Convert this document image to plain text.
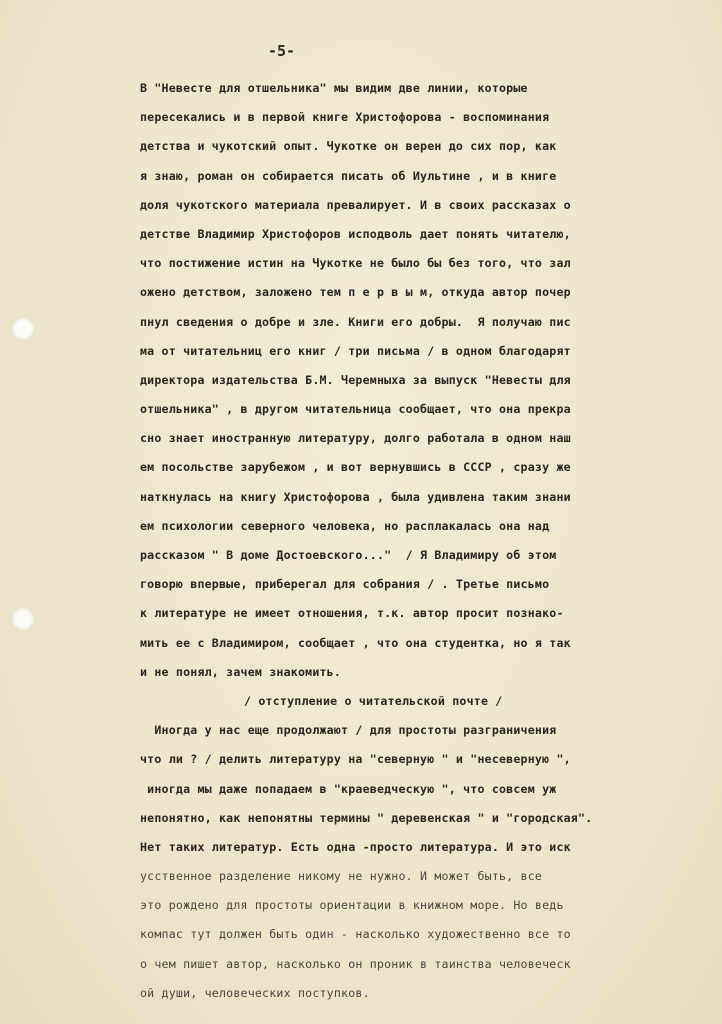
-5-
В "Невесте для отшельника" мы видим две линии, которые
пересекались и в первой книге Христофорова - воспоминания
детства и чукотский опыт. Чукотке он верен до сих пор, как
я знаю, роман он собирается писать об Иультине , и в книге
доля чукотского материала превалирует. И в своих рассказах о
детстве Владимир Христофоров исподволь дает понять читателю,
что постижение истин на Чукотке не было бы без того, что зал
ожено детством, заложено тем п е р в ы м, откуда автор почер
пнул сведения о добре и зле. Книги его добры.  Я получаю пис
ма от читательниц его книг / три письма / в одном благодарят
директора издательства Б.М. Черемныха за выпуск "Невесты для
отшельника" , в другом читательница сообщает, что она прекра
сно знает иностранную литературу, долго работала в одном наш
ем посольстве зарубежом , и вот вернувшись в СССР , сразу же
наткнулась на книгу Христофорова , была удивлена таким знани
ем психологии северного человека, но расплакалась она над
рассказом " В доме Достоевского..."  / Я Владимиру об этом
говорю впервые, приберегал для собрания / . Третье письмо
к литературе не имеет отношения, т.к. автор просит познако-
мить ее с Владимиром, сообщает , что она студентка, но я так
и не понял, зачем знакомить.
/ отступление о читательской почте /
Иногда у нас еще продолжают / для простоты разграничения
что ли ? / делить литературу на "северную " и "несеверную ",
иногда мы даже попадаем в "краеведческую ", что совсем уж
непонятно, как непонятны термины " деревенская " и "городская".
Нет таких литератур. Есть одна -просто литература. И это иск
усственное разделение никому не нужно. И может быть, все
это рождено для простоты ориентации в книжном море. Но ведь
компас тут должен быть один - насколько художественно все то
о чем пишет автор, насколько он проник в таинства человеческ
ой души, человеческих поступков.
